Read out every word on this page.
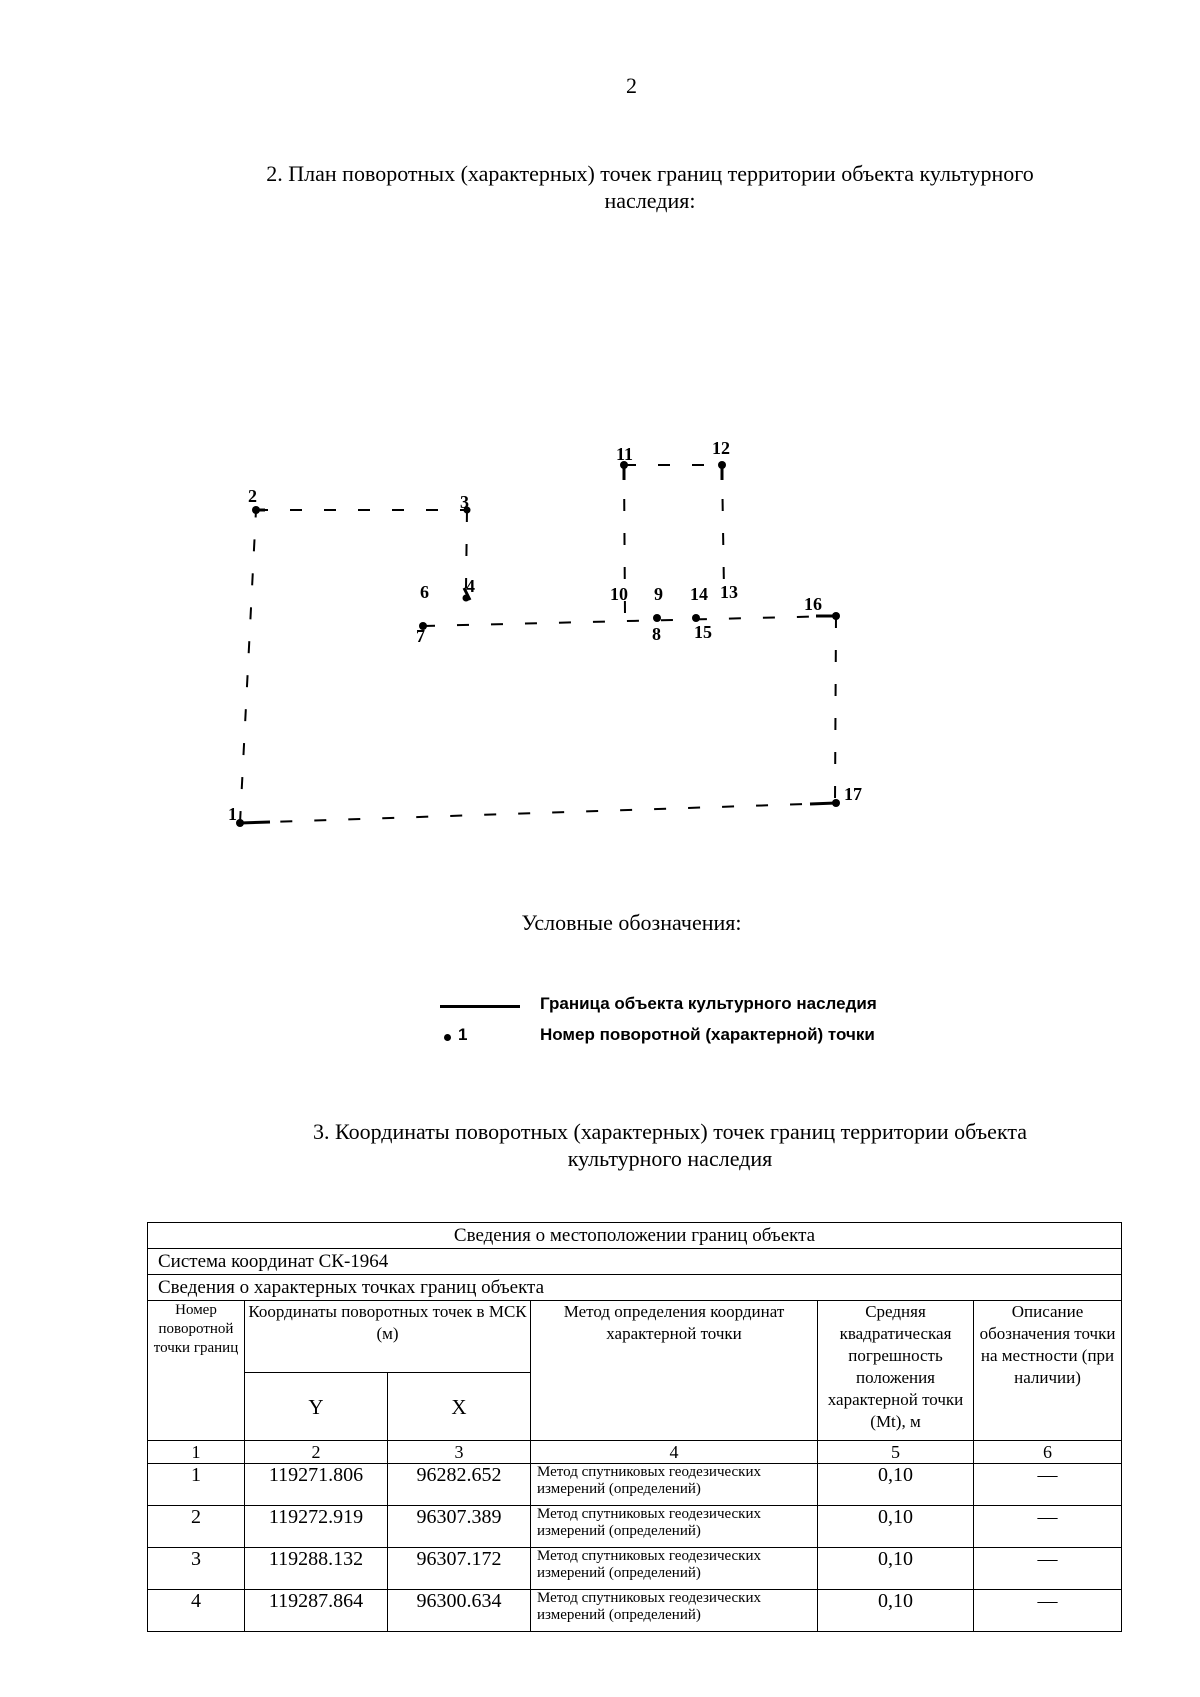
2
2. План поворотных (характерных) точек границ территории объекта культурного
наследия:
1
2	3
4
6
7	8
9
10
11	12
13
14
15
16
17
Условные обозначения:
Граница объекта культурного наследия
1	Номер поворотной (характерной) точки
3. Координаты поворотных (характерных) точек границ территории объекта
культурного наследия
Сведения о местоположении границ объекта					
Система координат СК-1964					
Сведения о характерных точках границ объекта					
Номер поворотной точки границ	Координаты поворотных точек в МСК (м)		Метод определения координат характерной точки	Средняя квадратическая погрешность положения характерной точки (Mt), м	Описание обозначения точки на местности (при наличии)
	Y	X			
1	2	3	4	5	6
1	119271.806	96282.652	Метод спутниковых геодезических измерений (определений)	0,10	—
2	119272.919	96307.389	Метод спутниковых геодезических измерений (определений)	0,10	—
3	119288.132	96307.172	Метод спутниковых геодезических измерений (определений)	0,10	—
4	119287.864	96300.634	Метод спутниковых геодезических измерений (определений)	0,10	—
